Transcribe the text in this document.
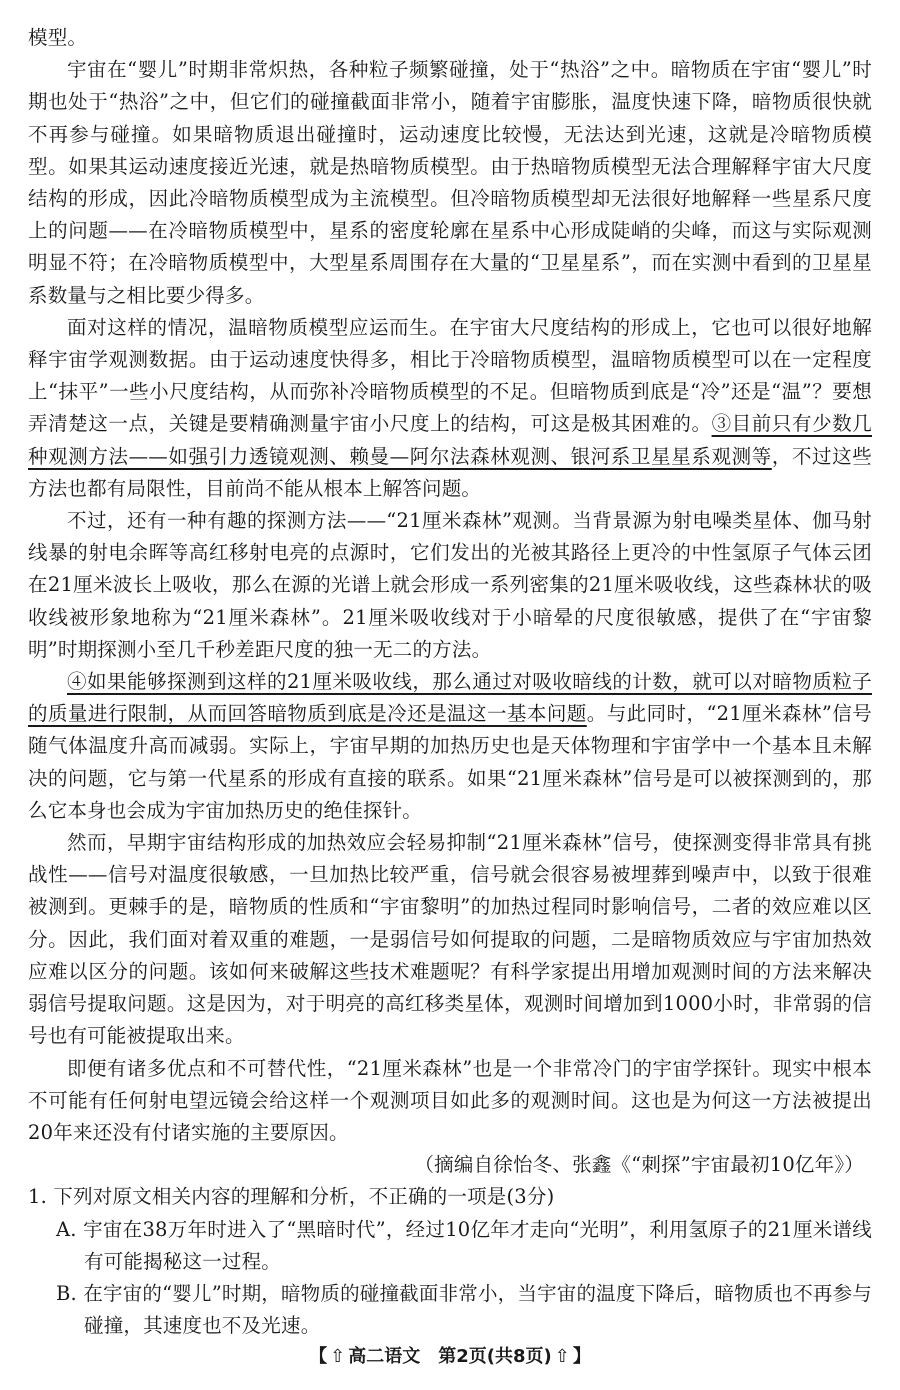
模型。

宇宙在“婴儿”时期非常炽热，各种粒子频繁碰撞，处于“热浴”之中。暗物质在宇宙“婴儿”时期也处于“热浴”之中，但它们的碰撞截面非常小，随着宇宙膨胀，温度快速下降，暗物质很快就不再参与碰撞。如果暗物质退出碰撞时，运动速度比较慢，无法达到光速，这就是冷暗物质模型。如果其运动速度接近光速，就是热暗物质模型。由于热暗物质模型无法合理解释宇宙大尺度结构的形成，因此冷暗物质模型成为主流模型。但冷暗物质模型却无法很好地解释一些星系尺度上的问题——在冷暗物质模型中，星系的密度轮廓在星系中心形成陡峭的尖峰，而这与实际观测明显不符；在冷暗物质模型中，大型星系周围存在大量的“卫星星系”，而在实测中看到的卫星星系数量与之相比要少得多。

面对这样的情况，温暗物质模型应运而生。在宇宙大尺度结构的形成上，它也可以很好地解释宇宙学观测数据。由于运动速度快得多，相比于冷暗物质模型，温暗物质模型可以在一定程度上“抹平”一些小尺度结构，从而弥补冷暗物质模型的不足。但暗物质到底是“冷”还是“温”？要想弄清楚这一点，关键是要精确测量宇宙小尺度上的结构，可这是极其困难的。③目前只有少数几种观测方法——如强引力透镜观测、赖曼—阿尔法森林观测、银河系卫星星系观测等，不过这些方法也都有局限性，目前尚不能从根本上解答问题。

不过，还有一种有趣的探测方法——“21厘米森林”观测。当背景源为射电噪类星体、伽马射线暴的射电余晖等高红移射电亮的点源时，它们发出的光被其路径上更冷的中性氢原子气体云团在21厘米波长上吸收，那么在源的光谱上就会形成一系列密集的21厘米吸收线，这些森林状的吸收线被形象地称为“21厘米森林”。21厘米吸收线对于小暗晕的尺度很敏感，提供了在“宇宙黎明”时期探测小至几千秒差距尺度的独一无二的方法。

④如果能够探测到这样的21厘米吸收线，那么通过对吸收暗线的计数，就可以对暗物质粒子的质量进行限制，从而回答暗物质到底是冷还是温这一基本问题。与此同时，“21厘米森林”信号随气体温度升高而减弱。实际上，宇宙早期的加热历史也是天体物理和宇宙学中一个基本且未解决的问题，它与第一代星系的形成有直接的联系。如果“21厘米森林”信号是可以被探测到的，那么它本身也会成为宇宙加热历史的绝佳探针。

然而，早期宇宙结构形成的加热效应会轻易抑制“21厘米森林”信号，使探测变得非常具有挑战性——信号对温度很敏感，一旦加热比较严重，信号就会很容易被埋葬到噪声中，以致于很难被测到。更棘手的是，暗物质的性质和“宇宙黎明”的加热过程同时影响信号，二者的效应难以区分。因此，我们面对着双重的难题，一是弱信号如何提取的问题，二是暗物质效应与宇宙加热效应难以区分的问题。该如何来破解这些技术难题呢？有科学家提出用增加观测时间的方法来解决弱信号提取问题。这是因为，对于明亮的高红移类星体，观测时间增加到1000小时，非常弱的信号也有可能被提取出来。

即便有诸多优点和不可替代性，“21厘米森林”也是一个非常冷门的宇宙学探针。现实中根本不可能有任何射电望远镜会给这样一个观测项目如此多的观测时间。这也是为何这一方法被提出20年来还没有付诸实施的主要原因。

（摘编自徐怡冬、张鑫《“刺探”宇宙最初10亿年》）

1. 下列对原文相关内容的理解和分析，不正确的一项是(3分)

A. 宇宙在38万年时进入了“黑暗时代”，经过10亿年才走向“光明”，利用氢原子的21厘米谱线有可能揭秘这一过程。

B. 在宇宙的“婴儿”时期，暗物质的碰撞截面非常小，当宇宙的温度下降后，暗物质也不再参与碰撞，其速度也不及光速。

【 ⇧ 高二语文　第2页(共8页) ⇧ 】
